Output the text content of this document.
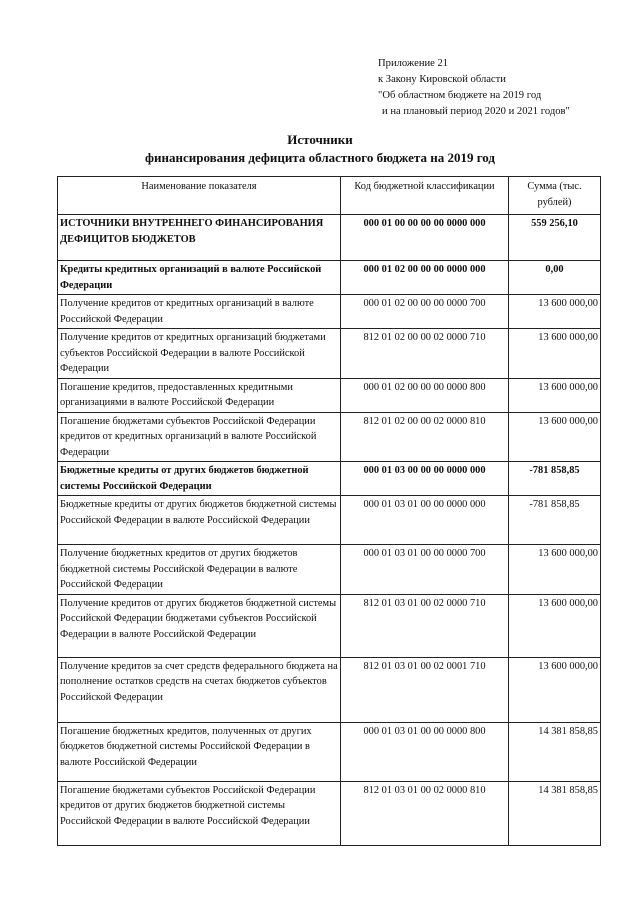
Приложение 21
к Закону Кировской области
"Об областном бюджете на 2019 год
и на плановый период 2020 и 2021 годов"
Источники
финансирования дефицита областного бюджета на 2019 год
Наименование показателя	Код бюджетной классификации	Сумма (тыс. рублей)
ИСТОЧНИКИ ВНУТРЕННЕГО ФИНАНСИРОВАНИЯ ДЕФИЦИТОВ БЮДЖЕТОВ	000 01 00 00 00 00 0000 000	559 256,10
Кредиты кредитных организаций в валюте Российской Федерации	000 01 02 00 00 00 0000 000	0,00
Получение кредитов от кредитных организаций в валюте Российской Федерации	000 01 02 00 00 00 0000 700	13 600 000,00
Получение кредитов от кредитных организаций бюджетами субъектов Российской Федерации в валюте Российской Федерации	812 01 02 00 00 02 0000 710	13 600 000,00
Погашение кредитов, предоставленных кредитными организациями в валюте Российской Федерации	000 01 02 00 00 00 0000 800	13 600 000,00
Погашение бюджетами субъектов Российской Федерации кредитов от кредитных организаций в валюте Российской Федерации	812 01 02 00 00 02 0000 810	13 600 000,00
Бюджетные кредиты от других бюджетов бюджетной системы Российской Федерации	000 01 03 00 00 00 0000 000	-781 858,85
Бюджетные кредиты от других бюджетов бюджетной системы Российской Федерации в валюте Российской Федерации	000 01 03 01 00 00 0000 000	-781 858,85
Получение бюджетных кредитов от других бюджетов бюджетной системы Российской Федерации в валюте Российской Федерации	000 01 03 01 00 00 0000 700	13 600 000,00
Получение кредитов от других бюджетов бюджетной системы Российской Федерации бюджетами субъектов Российской Федерации в валюте Российской Федерации	812 01 03 01 00 02 0000 710	13 600 000,00
Получение кредитов за счет средств федерального бюджета на пополнение остатков средств на счетах бюджетов субъектов Российской Федерации	812 01 03 01 00 02 0001 710	13 600 000,00
Погашение бюджетных кредитов, полученных от других бюджетов бюджетной системы Российской Федерации в валюте Российской Федерации	000 01 03 01 00 00 0000 800	14 381 858,85
Погашение бюджетами субъектов Российской Федерации кредитов от других бюджетов бюджетной системы Российской Федерации в валюте Российской Федерации	812 01 03 01 00 02 0000 810	14 381 858,85
